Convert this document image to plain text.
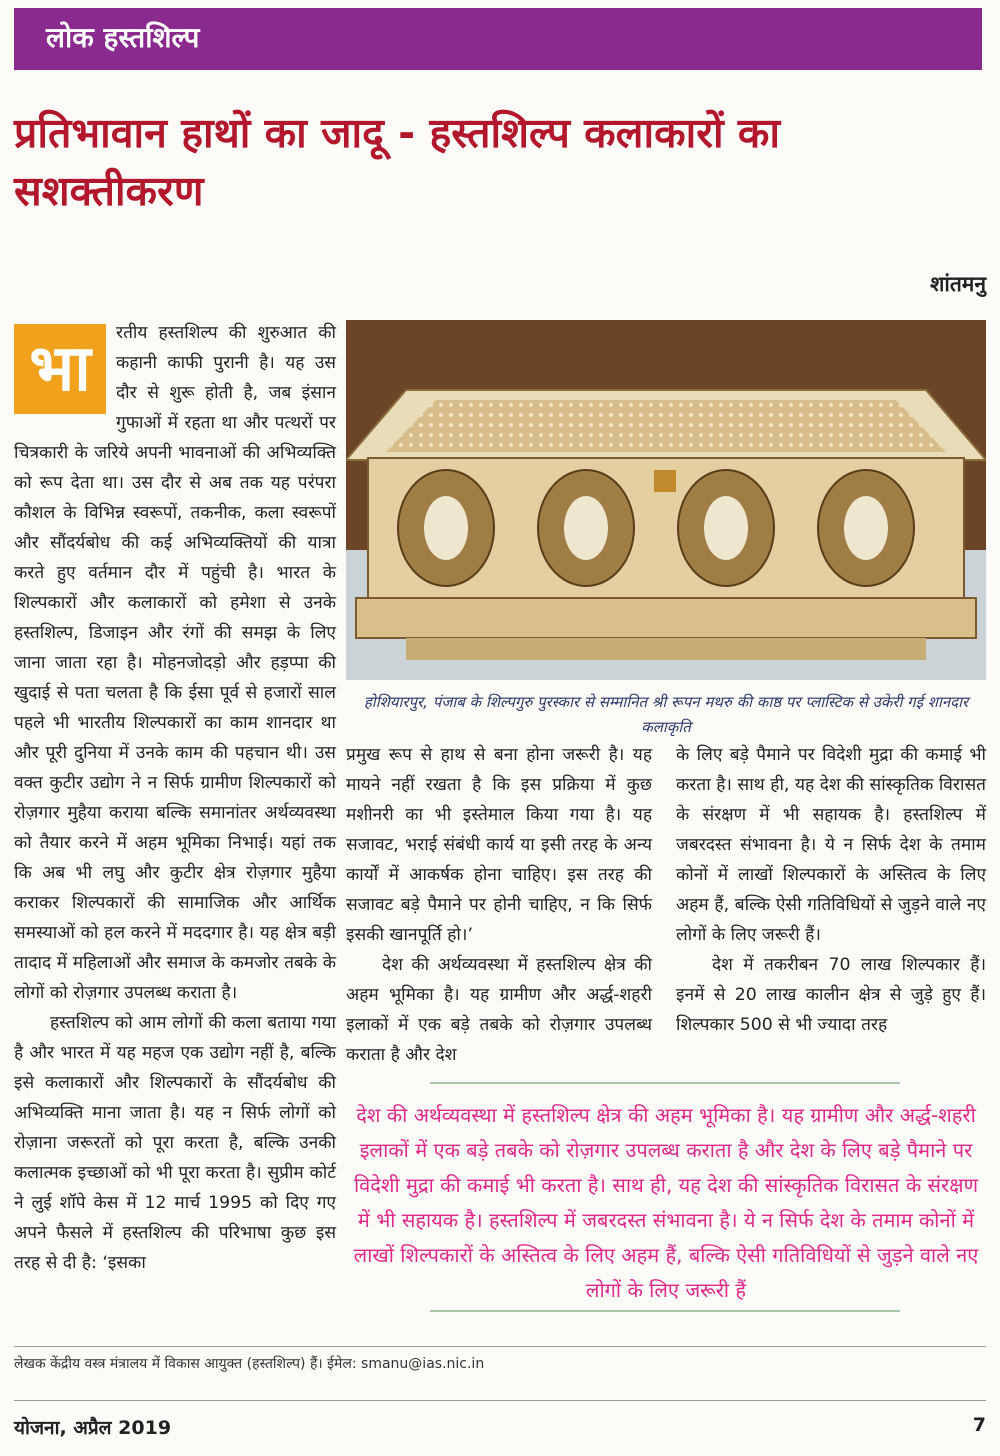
लोक हस्तशिल्प
प्रतिभावान हाथों का जादू - हस्तशिल्प कलाकारों का सशक्तीकरण
शांतमनु
भा	रतीय हस्तशिल्प की शुरुआत की कहानी काफी पुरानी है। यह उस दौर से शुरू होती है, जब इंसान गुफाओं में रहता था और पत्थरों पर चित्रकारी के जरिये अपनी भावनाओं की अभिव्यक्ति को रूप देता था। उस दौर से अब तक यह परंपरा कौशल के विभिन्न स्वरूपों, तकनीक, कला स्वरूपों और सौंदर्यबोध की कई अभिव्यक्तियों की यात्रा करते हुए वर्तमान दौर में पहुंची है। भारत के शिल्पकारों और कलाकारों को हमेशा से उनके हस्तशिल्प, डिजाइन और रंगों की समझ के लिए जाना जाता रहा है। मोहनजोदड़ो और हड़प्पा की खुदाई से पता चलता है कि ईसा पूर्व से हजारों साल पहले भी भारतीय शिल्पकारों का काम शानदार था और पूरी दुनिया में उनके काम की पहचान थी। उस वक्त कुटीर उद्योग ने न सिर्फ ग्रामीण शिल्पकारों को रोज़गार मुहैया कराया बल्कि समानांतर अर्थव्यवस्था को तैयार करने में अहम भूमिका निभाई। यहां तक कि अब भी लघु और कुटीर क्षेत्र रोज़गार मुहैया कराकर शिल्पकारों की सामाजिक और आर्थिक समस्याओं को हल करने में मददगार है। यह क्षेत्र बड़ी तादाद में महिलाओं और समाज के कमजोर तबके के लोगों को रोज़गार उपलब्ध कराता है।

हस्तशिल्प को आम लोगों की कला बताया गया है और भारत में यह महज एक उद्योग नहीं है, बल्कि इसे कलाकारों और शिल्पकारों के सौंदर्यबोध की अभिव्यक्ति माना जाता है। यह न सिर्फ लोगों को रोज़ाना जरूरतों को पूरा करता है, बल्कि उनकी कलात्मक इच्छाओं को भी पूरा करता है। सुप्रीम कोर्ट ने लुई शॉपे केस में 12 मार्च 1995 को दिए गए अपने फैसले में हस्तशिल्प की परिभाषा कुछ इस तरह से दी है: ‘इसका

होशियारपुर, पंजाब के शिल्पगुरु पुरस्कार से सम्मानित श्री रूपन मथरु की काष्ठ पर प्लास्टिक से उकेरी गई शानदार कलाकृति

प्रमुख रूप से हाथ से बना होना जरूरी है। यह मायने नहीं रखता है कि इस प्रक्रिया में कुछ मशीनरी का भी इस्तेमाल किया गया है। यह सजावट, भराई संबंधी कार्य या इसी तरह के अन्य कार्यों में आकर्षक होना चाहिए। इस तरह की सजावट बड़े पैमाने पर होनी चाहिए, न कि सिर्फ इसकी खानपूर्ति हो।’

देश की अर्थव्यवस्था में हस्तशिल्प क्षेत्र की अहम भूमिका है। यह ग्रामीण और अर्द्ध-शहरी इलाकों में एक बड़े तबके को रोज़गार उपलब्ध कराता है और देश

के लिए बड़े पैमाने पर विदेशी मुद्रा की कमाई भी करता है। साथ ही, यह देश की सांस्कृतिक विरासत के संरक्षण में भी सहायक है। हस्तशिल्प में जबरदस्त संभावना है। ये न सिर्फ देश के तमाम कोनों में लाखों शिल्पकारों के अस्तित्व के लिए अहम हैं, बल्कि ऐसी गतिविधियों से जुड़ने वाले नए लोगों के लिए जरूरी हैं।

देश में तकरीबन 70 लाख शिल्पकार हैं। इनमें से 20 लाख कालीन क्षेत्र से जुड़े हुए हैं। शिल्पकार 500 से भी ज्यादा तरह

देश की अर्थव्यवस्था में हस्तशिल्प क्षेत्र की अहम भूमिका है। यह ग्रामीण और अर्द्ध-शहरी इलाकों में एक बड़े तबके को रोज़गार उपलब्ध कराता है और देश के लिए बड़े पैमाने पर विदेशी मुद्रा की कमाई भी करता है। साथ ही, यह देश की सांस्कृतिक विरासत के संरक्षण में भी सहायक है। हस्तशिल्प में जबरदस्त संभावना है। ये न सिर्फ देश के तमाम कोनों में लाखों शिल्पकारों के अस्तित्व के लिए अहम हैं, बल्कि ऐसी गतिविधियों से जुड़ने वाले नए लोगों के लिए जरूरी हैं

लेखक केंद्रीय वस्त्र मंत्रालय में विकास आयुक्त (हस्तशिल्प) हैं। ईमेल: smanu@ias.nic.in

योजना, अप्रैल 2019	7
